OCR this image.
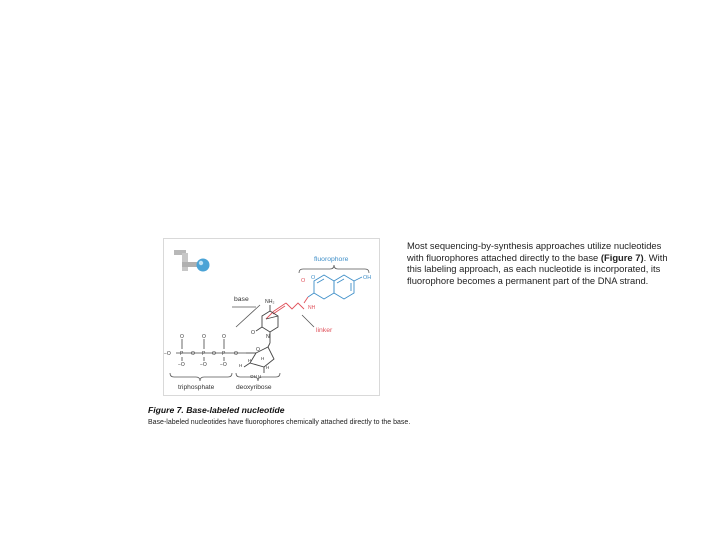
fluorophore
O O	OH
NH
linker
base	NH₂
O
N
O
H H
H	H
OH H
O	O	O
−O P O P O P O
−O	−O	−O
triphosphate	deoxyribose
Most sequencing-by-synthesis approaches utilize nucleotides with fluorophores attached directly to the base (Figure 7). With this labeling approach, as each nucleotide is incorporated, its fluorophore becomes a permanent part of the DNA strand.
Figure 7. Base-labeled nucleotide
Base-labeled nucleotides have fluorophores chemically attached directly to the base.
